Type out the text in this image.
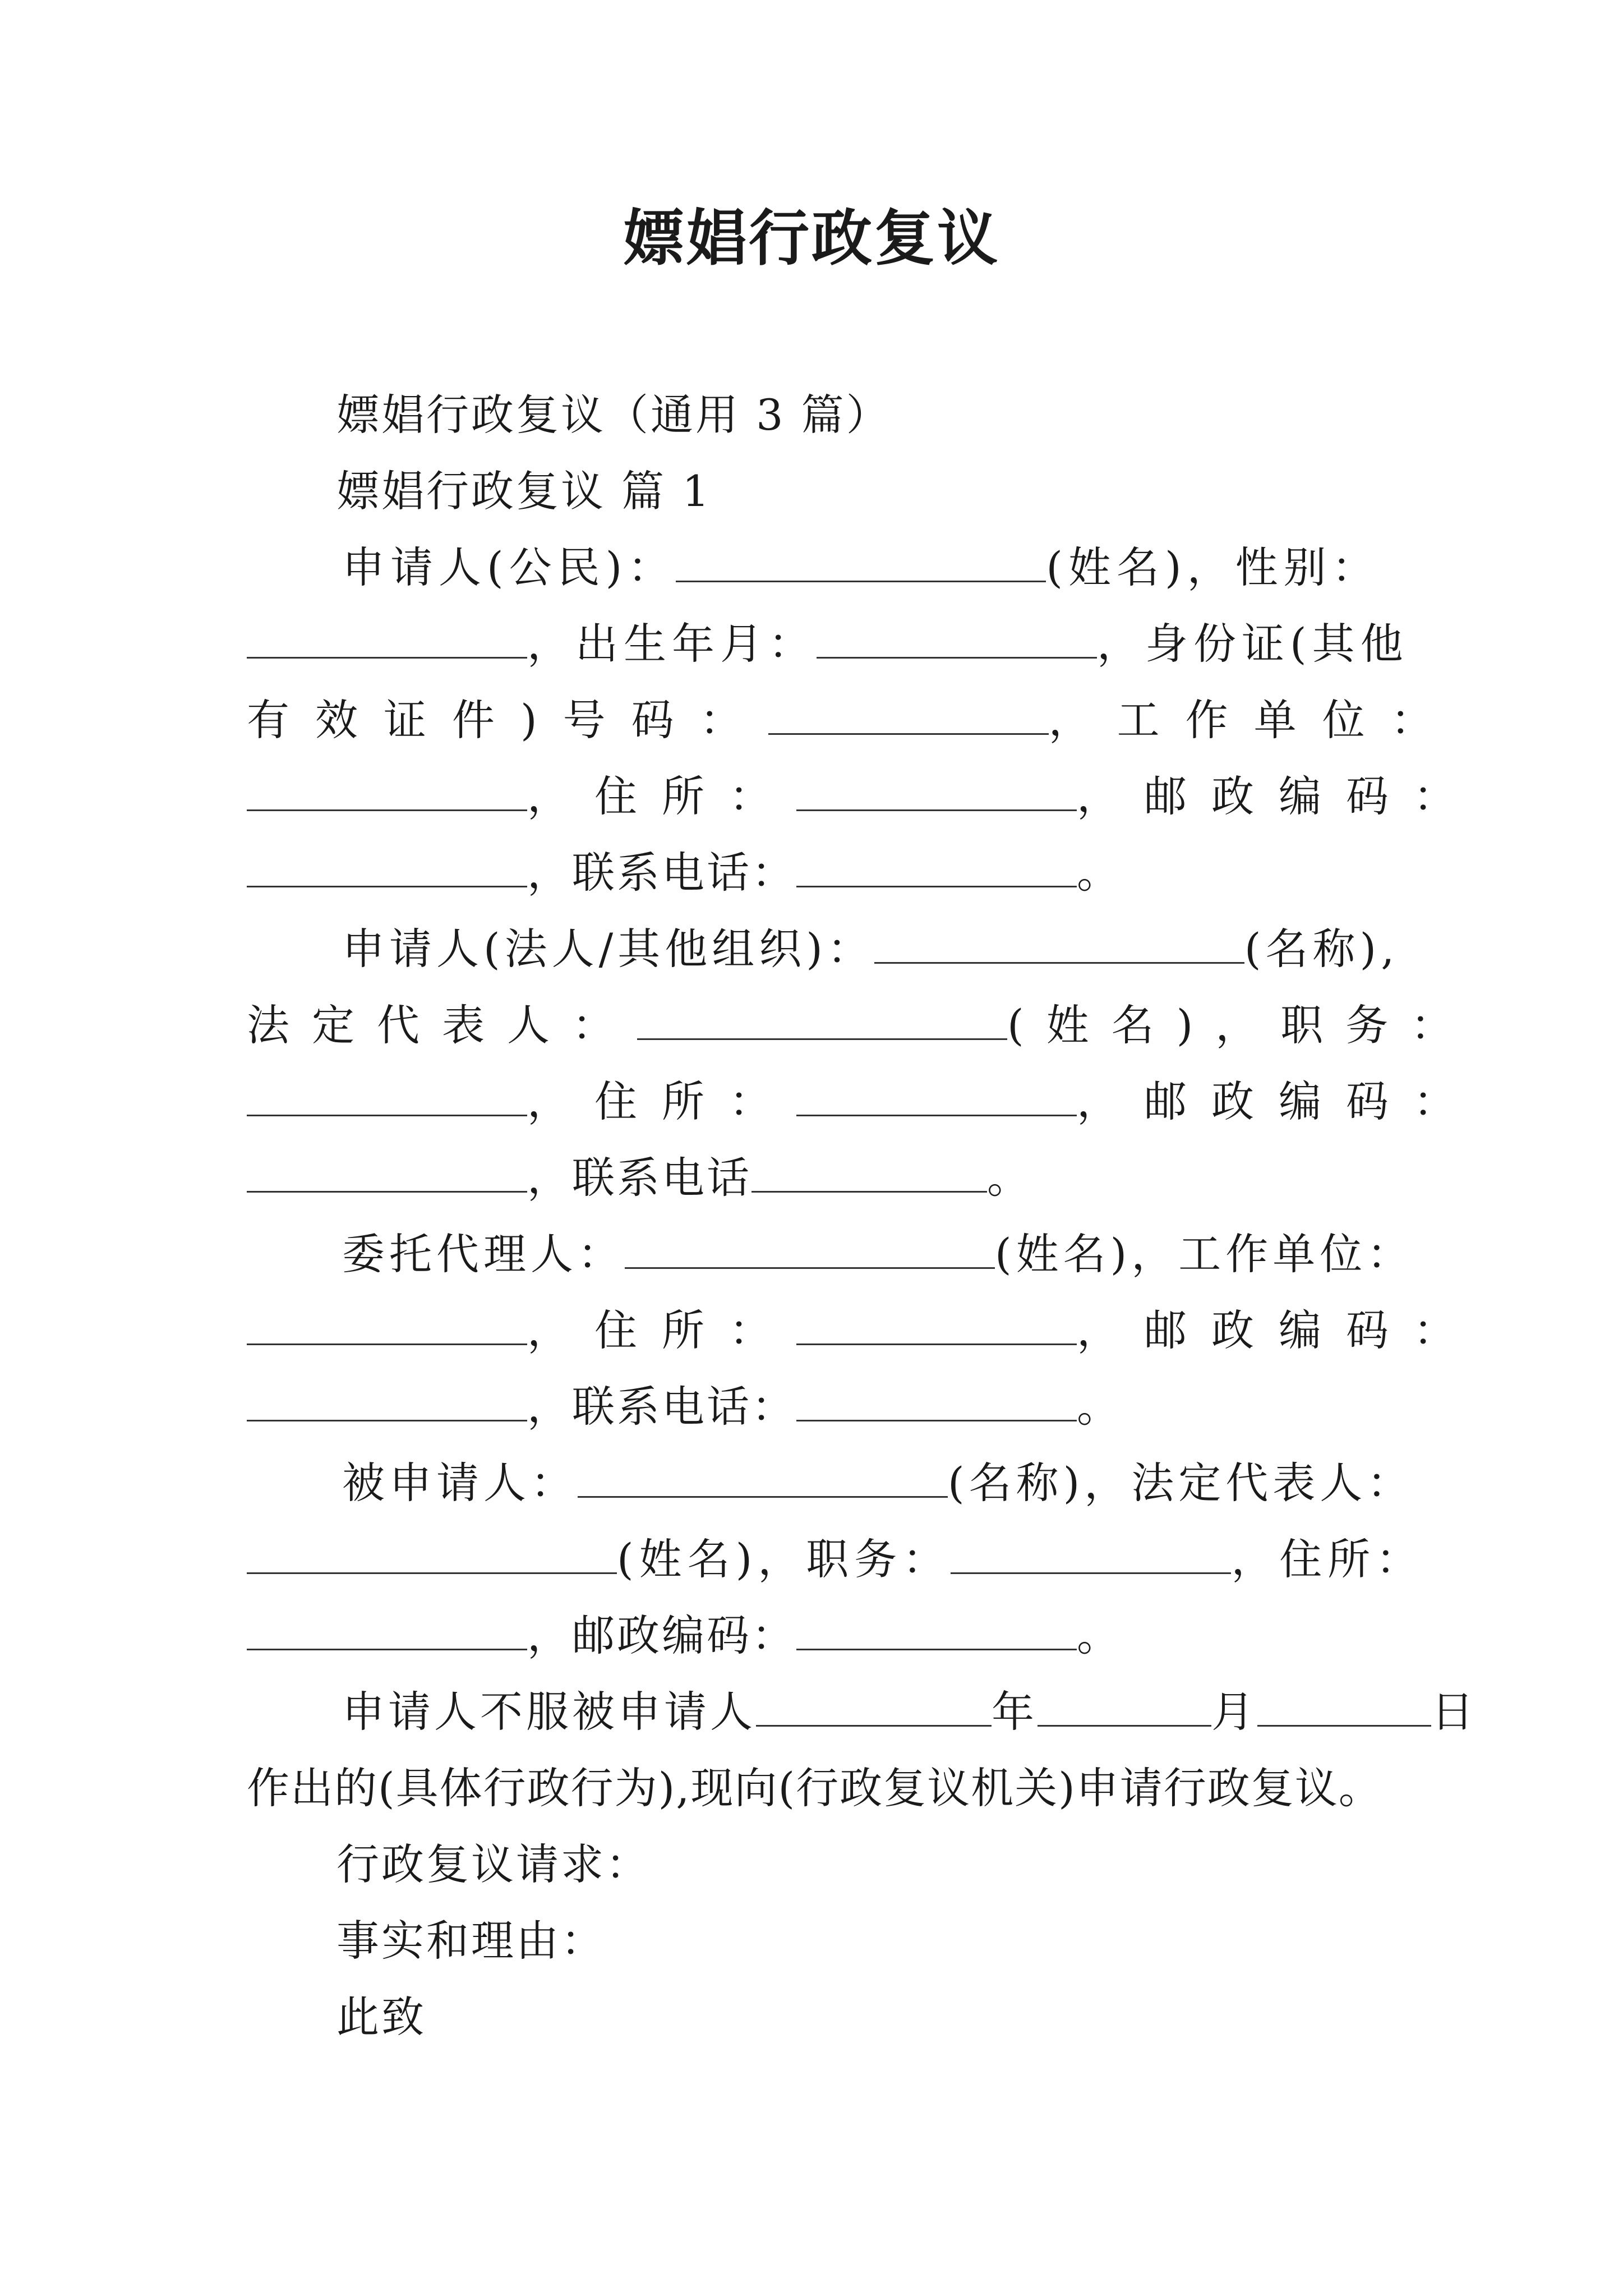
嫖娼行政复议
嫖娼行政复议（通用 3 篇）
嫖娼行政复议 篇 1
申请人(公民)：	(姓名)，性别：
，出生年月：	，身份证(其他
有效证件)号码：	，工作单位：
，住所：	，邮政编码：
，联系电话：	。
申请人(法人/其他组织)：	(名称),
法定代表人：	(姓名)，职务：
，住所：	，邮政编码：
，联系电话	。
委托代理人：	(姓名)，工作单位：
，住所：	，邮政编码：
，联系电话：	。
被申请人：	(名称)，法定代表人：
(姓名)，职务：	，住所：
，邮政编码：	。
申请人不服被申请人	年	月	日
作出的(具体行政行为),现向(行政复议机关)申请行政复议。
行政复议请求：
事实和理由：
此致
